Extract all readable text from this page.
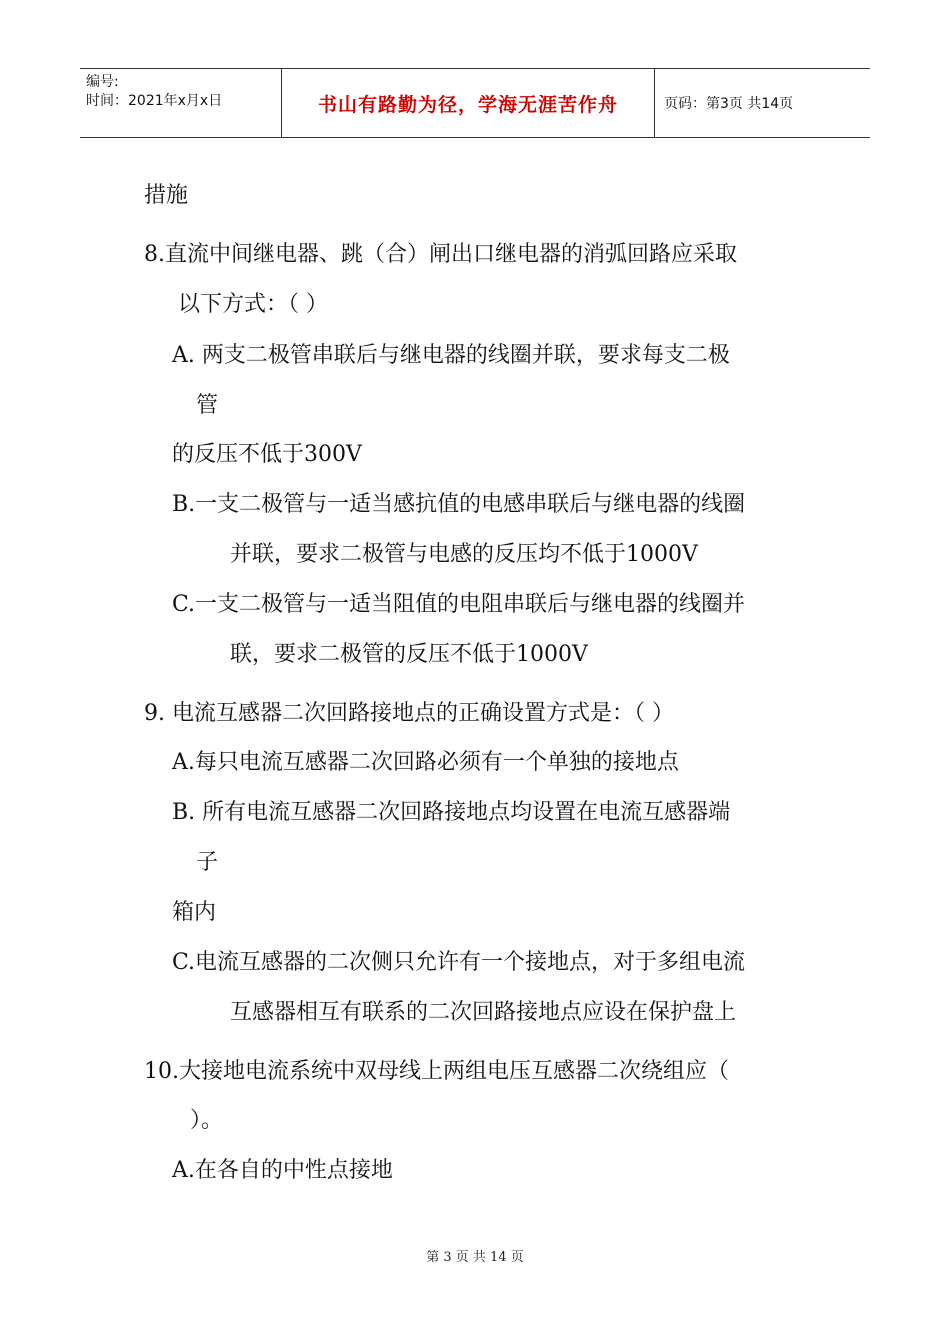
编号:
时间：2021年x月x日	书山有路勤为径，学海无涯苦作舟	页码：第3页 共14页
措施
8.直流中间继电器、跳（合）闸出口继电器的消弧回路应采取
以下方式：（ ）
A. 两支二极管串联后与继电器的线圈并联，要求每支二极
管
的反压不低于300V
B.一支二极管与一适当感抗值的电感串联后与继电器的线圈
并联，要求二极管与电感的反压均不低于1000V
C.一支二极管与一适当阻值的电阻串联后与继电器的线圈并
联，要求二极管的反压不低于1000V
9. 电流互感器二次回路接地点的正确设置方式是：（ ）
A.每只电流互感器二次回路必须有一个单独的接地点
B. 所有电流互感器二次回路接地点均设置在电流互感器端
子
箱内
C.电流互感器的二次侧只允许有一个接地点，对于多组电流
互感器相互有联系的二次回路接地点应设在保护盘上
10.大接地电流系统中双母线上两组电压互感器二次绕组应（
）。
A.在各自的中性点接地
第 3 页 共 14 页
